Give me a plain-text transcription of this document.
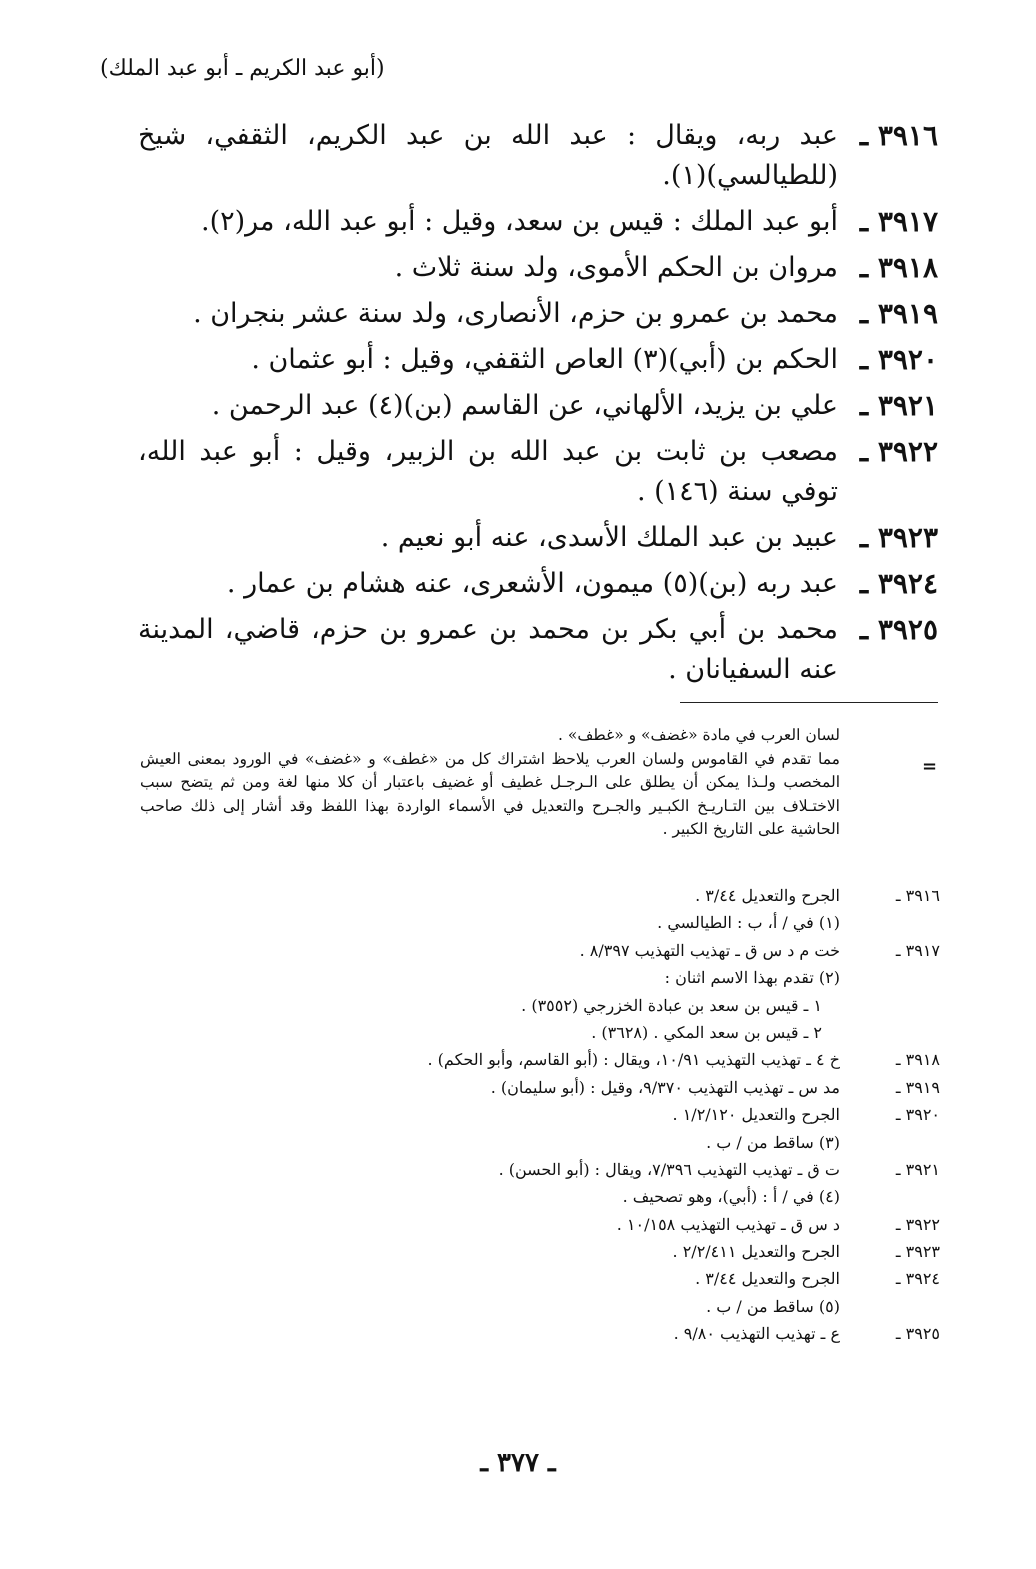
(أبو عبد الكريم ـ أبو عبد الملك)
٣٩١٦ ـ
عبد ربه، ويقال : عبد الله بن عبد الكريم، الثقفي، شيخ (للطيالسي)(١).
٣٩١٧ ـ
أبو عبد الملك : قيس بن سعد، وقيل : أبو عبد الله، مر(٢).
٣٩١٨ ـ
مروان بن الحكم الأموى، ولد سنة ثلاث .
٣٩١٩ ـ
محمد بن عمرو بن حزم، الأنصارى، ولد سنة عشر بنجران .
٣٩٢٠ ـ
الحكم بن (أبي)(٣) العاص الثقفي، وقيل : أبو عثمان .
٣٩٢١ ـ
علي بن يزيد، الألهاني، عن القاسم (بن)(٤) عبد الرحمن .
٣٩٢٢ ـ
مصعب بن ثابت بن عبد الله بن الزبير، وقيل : أبو عبد الله، توفي سنة (١٤٦) .
٣٩٢٣ ـ
عبيد بن عبد الملك الأسدى، عنه أبو نعيم .
٣٩٢٤ ـ
عبد ربه (بن)(٥) ميمون، الأشعرى، عنه هشام بن عمار .
٣٩٢٥ ـ
محمد بن أبي بكر بن محمد بن عمرو بن حزم، قاضي، المدينة عنه السفيانان .
=
لسان العرب في مادة «غضف» و «غطف» .
مما تقدم في القاموس ولسان العرب يلاحظ اشتراك كل من «غطف» و «غضف» في الورود بمعنى العيش المخصب ولـذا يمكن أن يطلق على الـرجـل غطيف أو غضيف باعتبار أن كلا منها لغة ومن ثم يتضح سبب الاختـلاف بين التـاريـخ الكبـير والجـرح والتعديل في الأسماء الواردة بهذا اللفظ وقد أشار إلى ذلك صاحب الحاشية على التاريخ الكبير .
٣٩١٦ ـ
الجرح والتعديل ٣/٤٤ .
(١) في / أ، ب : الطيالسي .
٣٩١٧ ـ
خت م د س ق ـ تهذيب التهذيب ٨/٣٩٧ .
(٢) تقدم بهذا الاسم اثنان :
١ ـ قيس بن سعد بن عبادة الخزرجي (٣٥٥٢) .
٢ ـ قيس بن سعد المكي . (٣٦٢٨) .
٣٩١٨ ـ
خ ٤ ـ تهذيب التهذيب ١٠/٩١، ويقال : (أبو القاسم، وأبو الحكم) .
٣٩١٩ ـ
مد س ـ تهذيب التهذيب ٩/٣٧٠، وقيل : (أبو سليمان) .
٣٩٢٠ ـ
الجرح والتعديل ١/٢/١٢٠ .
(٣) ساقط من / ب .
٣٩٢١ ـ
ت ق ـ تهذيب التهذيب ٧/٣٩٦، ويقال : (أبو الحسن) .
(٤) في / أ : (أبي)، وهو تصحيف .
٣٩٢٢ ـ
د س ق ـ تهذيب التهذيب ١٠/١٥٨ .
٣٩٢٣ ـ
الجرح والتعديل ٢/٢/٤١١ .
٣٩٢٤ ـ
الجرح والتعديل ٣/٤٤ .
(٥) ساقط من / ب .
٣٩٢٥ ـ
ع ـ تهذيب التهذيب ٩/٨٠ .
ـ ٣٧٧ ـ
